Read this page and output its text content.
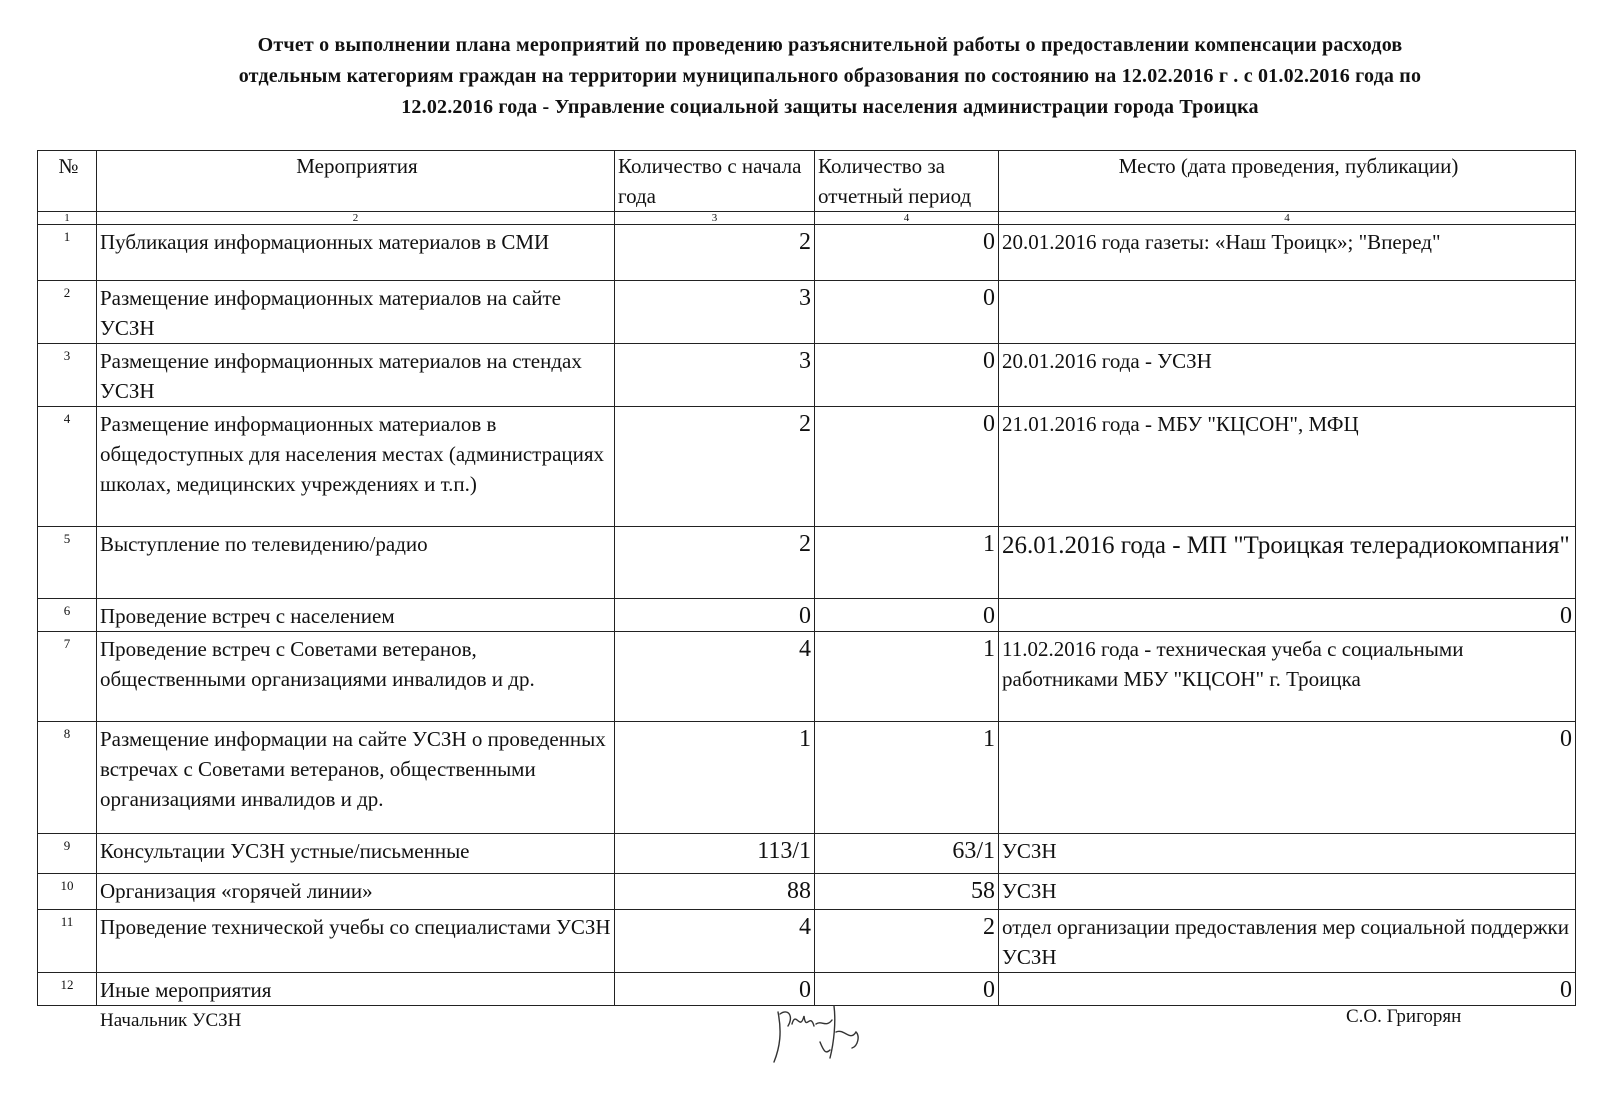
Отчет о выполнении плана мероприятий по проведению разъяснительной работы о предоставлении компенсации расходов
отдельным категориям граждан на территории муниципального образования по состоянию на 12.02.2016 г . с 01.02.2016 года по
12.02.2016 года - Управление социальной защиты населения администрации города Троицка
№	Мероприятия	Количество с начала года	Количество за отчетный период	Место (дата проведения, публикации)
1	2	3	4	4
1	Публикация информационных материалов в СМИ	2	0	20.01.2016 года газеты: «Наш Троицк»; "Вперед"
2	Размещение информационных материалов на сайте УСЗН	3	0	
3	Размещение информационных материалов на стендах УСЗН	3	0	20.01.2016 года - УСЗН
4	Размещение информационных материалов в общедоступных для населения местах (администрациях школах, медицинских учреждениях и т.п.)	2	0	21.01.2016 года - МБУ "КЦСОН", МФЦ
5	Выступление по телевидению/радио	2	1	26.01.2016 года - МП "Троицкая телерадиокомпания"
6	Проведение встреч с населением	0	0	0
7	Проведение встреч с Советами ветеранов, общественными организациями инвалидов и др.	4	1	11.02.2016 года - техническая учеба с социальными работниками МБУ "КЦСОН" г. Троицка
8	Размещение информации на сайте УСЗН о проведенных встречах с Советами ветеранов, общественными организациями инвалидов и др.	1	1	0
9	Консультации УСЗН устные/письменные	113/1	63/1	УСЗН
10	Организация «горячей линии»	88	58	УСЗН
11	Проведение технической учебы со специалистами УСЗН	4	2	отдел организации предоставления мер социальной поддержки УСЗН
12	Иные мероприятия	0	0	0
Начальник УСЗН	С.О. Григорян
